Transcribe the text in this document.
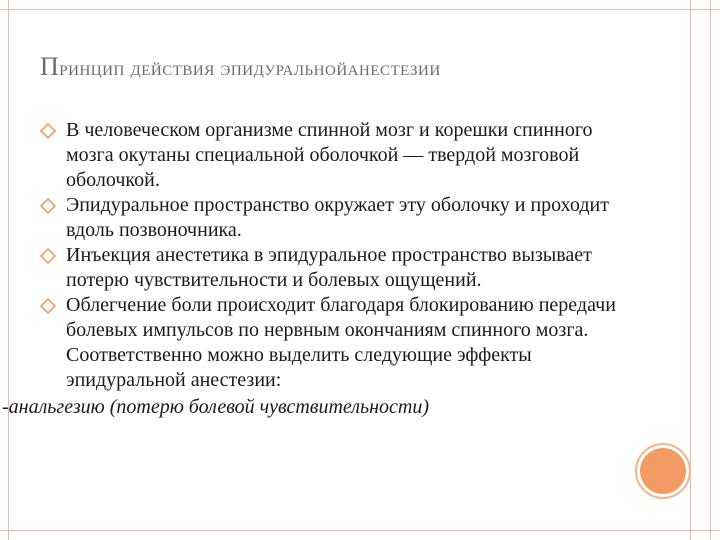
Принцип действия эпидуральнойанестезии

В человеческом организме спинной мозг и корешки спинного мозга окутаны специальной оболочкой — твердой мозговой оболочкой.

Эпидуральное пространство окружает эту оболочку и проходит вдоль позвоночника.

Инъекция анестетика в эпидуральное пространство вызывает потерю чувствительности и болевых ощущений.

Облегчение боли происходит благодаря блокированию передачи болевых импульсов по нервным окончаниям спинного мозга. Соответственно можно выделить следующие эффекты эпидуральной анестезии:

-анальгезию (потерю болевой чувствительности)
